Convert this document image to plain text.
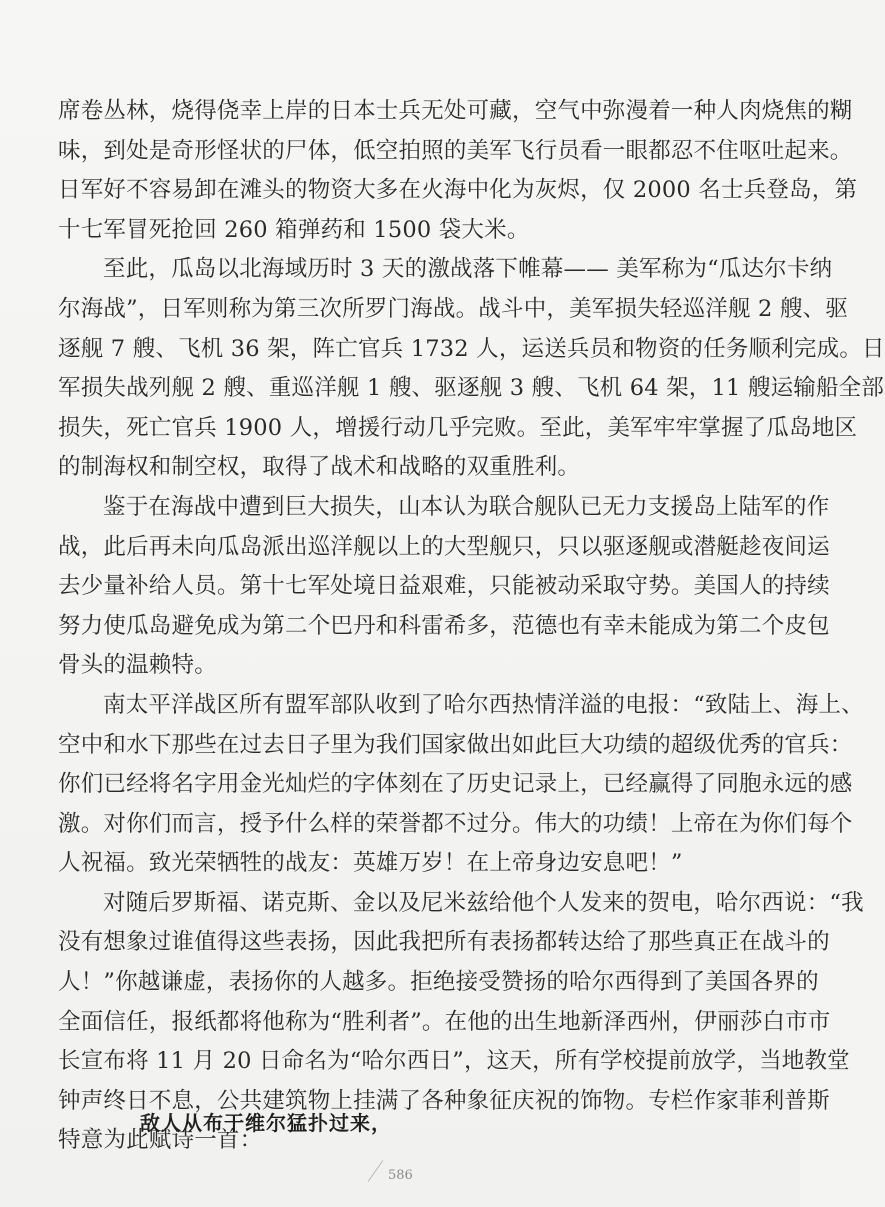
席卷丛林，烧得侥幸上岸的日本士兵无处可藏，空气中弥漫着一种人肉烧焦的糊
味，到处是奇形怪状的尸体，低空拍照的美军飞行员看一眼都忍不住呕吐起来。
日军好不容易卸在滩头的物资大多在火海中化为灰烬，仅 2000 名士兵登岛，第
十七军冒死抢回 260 箱弹药和 1500 袋大米。
至此，瓜岛以北海域历时 3 天的激战落下帷幕—— 美军称为“瓜达尔卡纳
尔海战”，日军则称为第三次所罗门海战。战斗中，美军损失轻巡洋舰 2 艘、驱
逐舰 7 艘、飞机 36 架，阵亡官兵 1732 人，运送兵员和物资的任务顺利完成。日
军损失战列舰 2 艘、重巡洋舰 1 艘、驱逐舰 3 艘、飞机 64 架，11 艘运输船全部
损失，死亡官兵 1900 人，增援行动几乎完败。至此，美军牢牢掌握了瓜岛地区
的制海权和制空权，取得了战术和战略的双重胜利。
鉴于在海战中遭到巨大损失，山本认为联合舰队已无力支援岛上陆军的作
战，此后再未向瓜岛派出巡洋舰以上的大型舰只，只以驱逐舰或潜艇趁夜间运
去少量补给人员。第十七军处境日益艰难，只能被动采取守势。美国人的持续
努力使瓜岛避免成为第二个巴丹和科雷希多，范德也有幸未能成为第二个皮包
骨头的温赖特。
南太平洋战区所有盟军部队收到了哈尔西热情洋溢的电报：“致陆上、海上、
空中和水下那些在过去日子里为我们国家做出如此巨大功绩的超级优秀的官兵：
你们已经将名字用金光灿烂的字体刻在了历史记录上，已经赢得了同胞永远的感
激。对你们而言，授予什么样的荣誉都不过分。伟大的功绩！上帝在为你们每个
人祝福。致光荣牺牲的战友：英雄万岁！在上帝身边安息吧！”
对随后罗斯福、诺克斯、金以及尼米兹给他个人发来的贺电，哈尔西说：“我
没有想象过谁值得这些表扬，因此我把所有表扬都转达给了那些真正在战斗的
人！”你越谦虚，表扬你的人越多。拒绝接受赞扬的哈尔西得到了美国各界的
全面信任，报纸都将他称为“胜利者”。在他的出生地新泽西州，伊丽莎白市市
长宣布将 11 月 20 日命名为“哈尔西日”，这天，所有学校提前放学，当地教堂
钟声终日不息，公共建筑物上挂满了各种象征庆祝的饰物。专栏作家菲利普斯
特意为此赋诗一首：
敌人从布干维尔猛扑过来，
586
